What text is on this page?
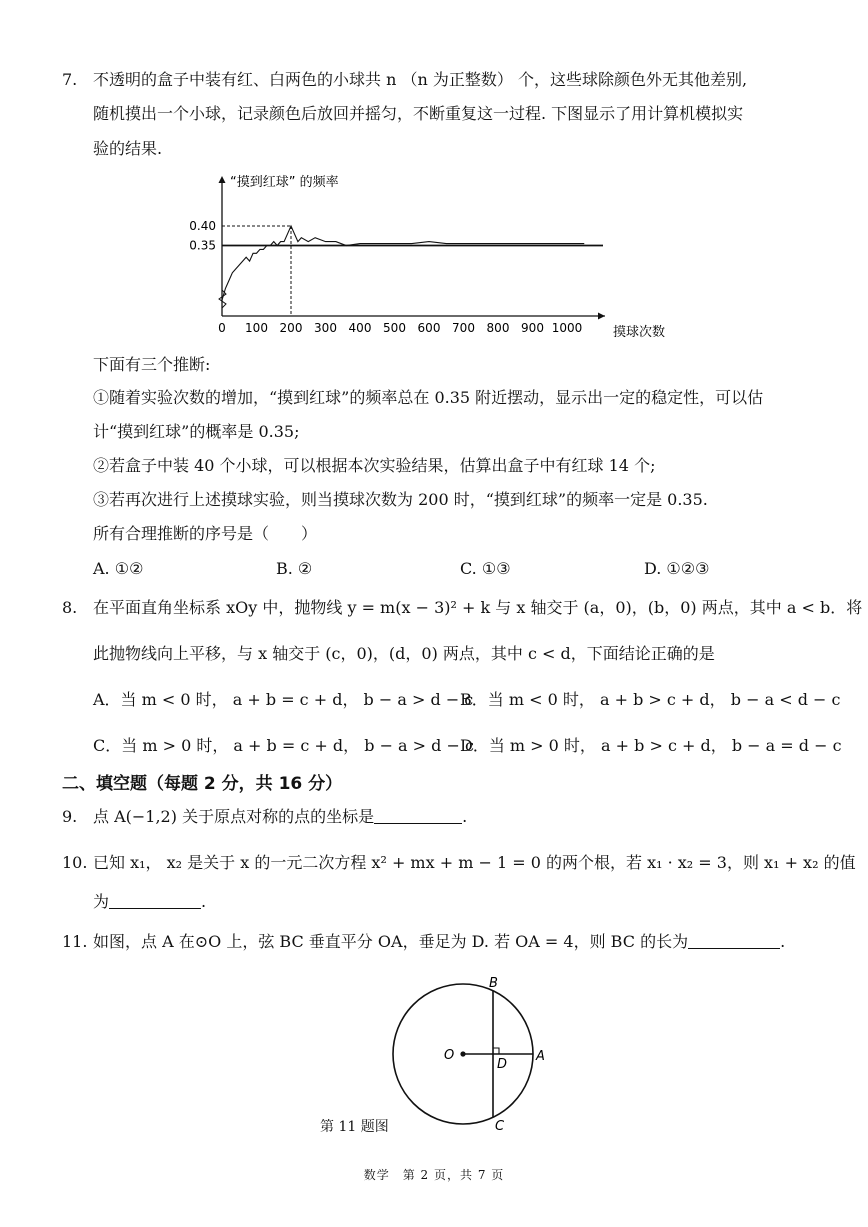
7. 不透明的盒子中装有红、白两色的小球共 n （n 为正整数） 个，这些球除颜色外无其他差别,
随机摸出一个小球，记录颜色后放回并摇匀，不断重复这一过程. 下图显示了用计算机模拟实
验的结果.
“摸到红球” 的频率
摸球次数
0 100 200 300 400 500 600 700 800 900 1000
0.40
0.35
下面有三个推断:
①随着实验次数的增加，“摸到红球”的频率总在 0.35 附近摆动，显示出一定的稳定性，可以估
计“摸到红球”的概率是 0.35;
②若盒子中装 40 个小球，可以根据本次实验结果，估算出盒子中有红球 14 个;
③若再次进行上述摸球实验，则当摸球次数为 200 时，“摸到红球”的频率一定是 0.35.
所有合理推断的序号是（　　）
A. ①②	B. ②	C. ①③	D. ①②③
8. 在平面直角坐标系 xOy 中，抛物线 y = m(x − 3)² + k 与 x 轴交于 (a，0)，(b，0) 两点，其中 a < b．将
此抛物线向上平移，与 x 轴交于 (c，0)，(d，0) 两点，其中 c < d，下面结论正确的是
A．当 m < 0 时， a + b = c + d， b − a > d − c
B．当 m < 0 时， a + b > c + d， b − a < d − c
C．当 m > 0 时， a + b = c + d， b − a > d − c
D．当 m > 0 时， a + b > c + d， b − a = d − c
二、填空题（每题 2 分，共 16 分）
9. 点 A(−1,2) 关于原点对称的点的坐标是	.
10. 已知 x₁， x₂ 是关于 x 的一元二次方程 x² + mx + m − 1 = 0 的两个根，若 x₁ · x₂ = 3，则 x₁ + x₂ 的值
为	.
11. 如图，点 A 在⊙O 上，弦 BC 垂直平分 OA，垂足为 D. 若 OA = 4，则 BC 的长为	.
B
O
D
A
C
第 11 题图
数学　第 2 页，共 7 页
